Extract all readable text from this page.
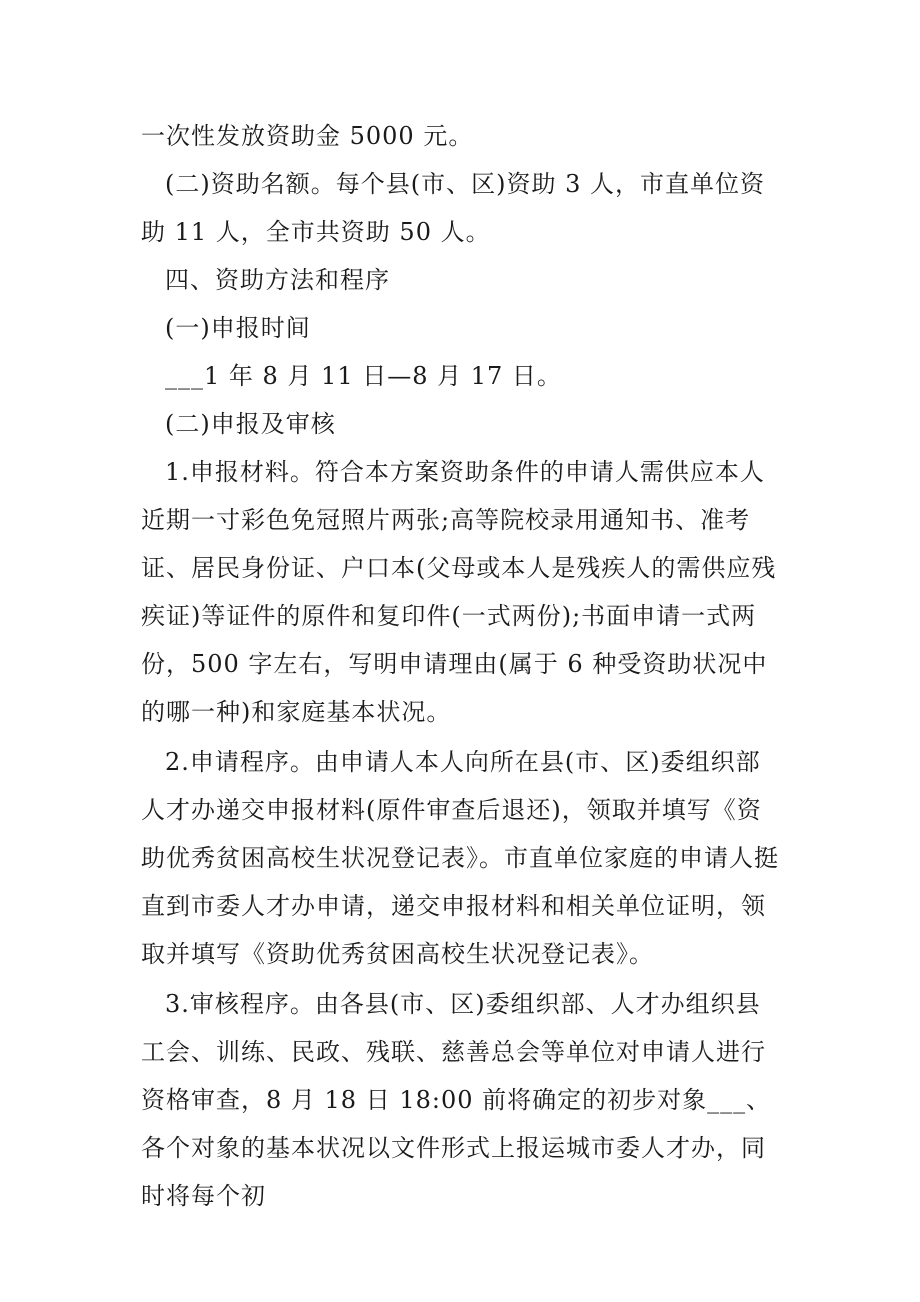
一次性发放资助金 5000 元。

(二)资助名额。每个县(市、区)资助 3 人，市直单位资助 11 人，全市共资助 50 人。

四、资助方法和程序

(一)申报时间

___1 年 8 月 11 日—8 月 17 日。

(二)申报及审核

1.申报材料。符合本方案资助条件的申请人需供应本人近期一寸彩色免冠照片两张;高等院校录用通知书、准考证、居民身份证、户口本(父母或本人是残疾人的需供应残疾证)等证件的原件和复印件(一式两份);书面申请一式两份，500 字左右，写明申请理由(属于 6 种受资助状况中的哪一种)和家庭基本状况。

2.申请程序。由申请人本人向所在县(市、区)委组织部人才办递交申报材料(原件审查后退还)，领取并填写《资助优秀贫困高校生状况登记表》。市直单位家庭的申请人挺直到市委人才办申请，递交申报材料和相关单位证明，领取并填写《资助优秀贫困高校生状况登记表》。

3.审核程序。由各县(市、区)委组织部、人才办组织县工会、训练、民政、残联、慈善总会等单位对申请人进行资格审查，8 月 18 日 18:00 前将确定的初步对象___、各个对象的基本状况以文件形式上报运城市委人才办，同时将每个初
